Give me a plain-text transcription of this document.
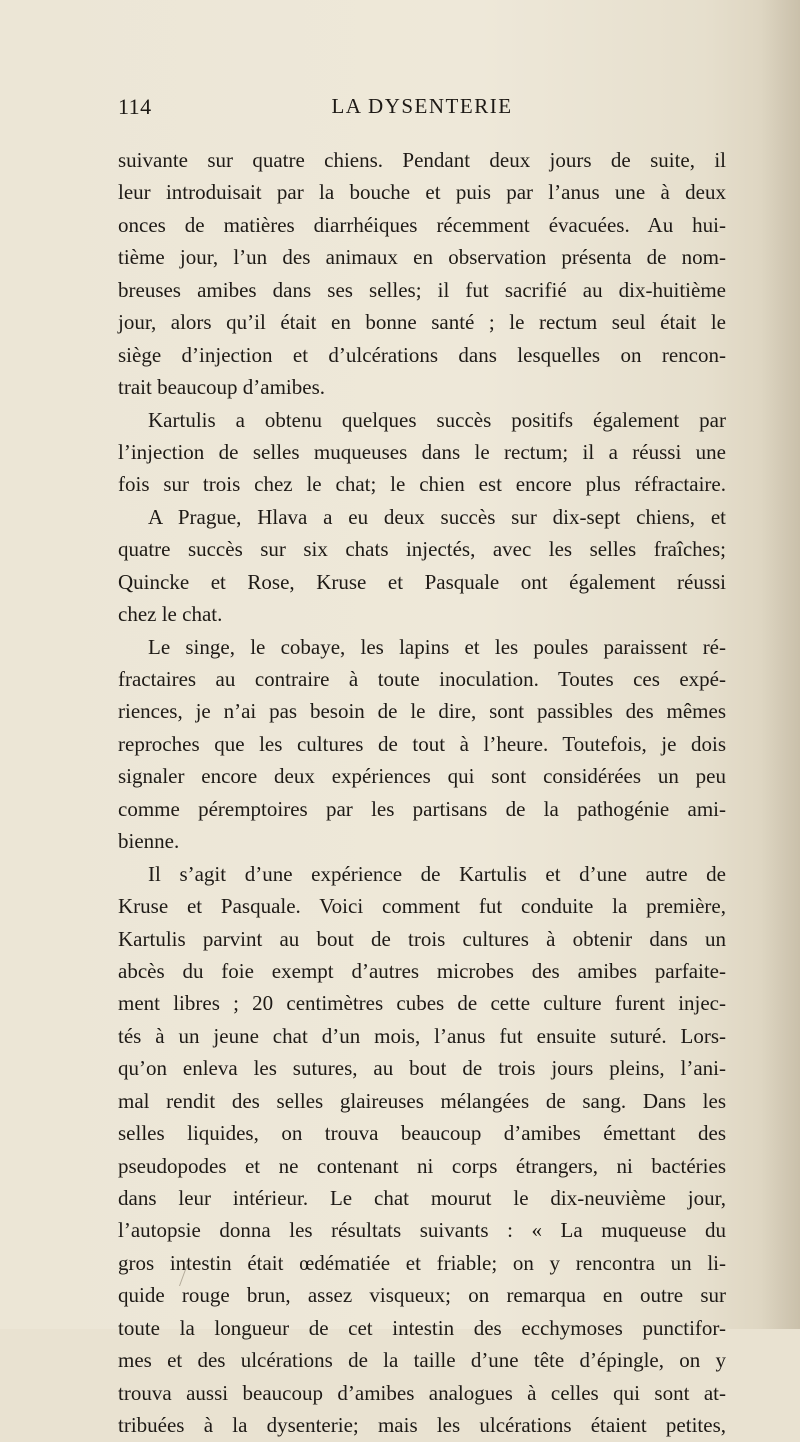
114	LA DYSENTERIE
suivante sur quatre chiens. Pendant deux jours de suite, il
leur introduisait par la bouche et puis par l’anus une à deux
onces de matières diarrhéiques récemment évacuées. Au hui-
tième jour, l’un des animaux en observation présenta de nom-
breuses amibes dans ses selles; il fut sacrifié au dix-huitième
jour, alors qu’il était en bonne santé ; le rectum seul était le
siège d’injection et d’ulcérations dans lesquelles on rencon-
trait beaucoup d’amibes.
Kartulis a obtenu quelques succès positifs également par
l’injection de selles muqueuses dans le rectum; il a réussi une
fois sur trois chez le chat; le chien est encore plus réfractaire.
A Prague, Hlava a eu deux succès sur dix-sept chiens, et
quatre succès sur six chats injectés, avec les selles fraîches;
Quincke et Rose, Kruse et Pasquale ont également réussi
chez le chat.
Le singe, le cobaye, les lapins et les poules paraissent ré-
fractaires au contraire à toute inoculation. Toutes ces expé-
riences, je n’ai pas besoin de le dire, sont passibles des mêmes
reproches que les cultures de tout à l’heure. Toutefois, je dois
signaler encore deux expériences qui sont considérées un peu
comme péremptoires par les partisans de la pathogénie ami-
bienne.
Il s’agit d’une expérience de Kartulis et d’une autre de
Kruse et Pasquale. Voici comment fut conduite la première,
Kartulis parvint au bout de trois cultures à obtenir dans un
abcès du foie exempt d’autres microbes des amibes parfaite-
ment libres ; 20 centimètres cubes de cette culture furent injec-
tés à un jeune chat d’un mois, l’anus fut ensuite suturé. Lors-
qu’on enleva les sutures, au bout de trois jours pleins, l’ani-
mal rendit des selles glaireuses mélangées de sang. Dans les
selles liquides, on trouva beaucoup d’amibes émettant des
pseudopodes et ne contenant ni corps étrangers, ni bactéries
dans leur intérieur. Le chat mourut le dix-neuvième jour,
l’autopsie donna les résultats suivants : « La muqueuse du
gros intestin était œdématiée et friable; on y rencontra un li-
quide rouge brun, assez visqueux; on remarqua en outre sur
toute la longueur de cet intestin des ecchymoses punctifor-
mes et des ulcérations de la taille d’une tête d’épingle, on y
trouva aussi beaucoup d’amibes analogues à celles qui sont at-
tribuées à la dysenterie; mais les ulcérations étaient petites,
